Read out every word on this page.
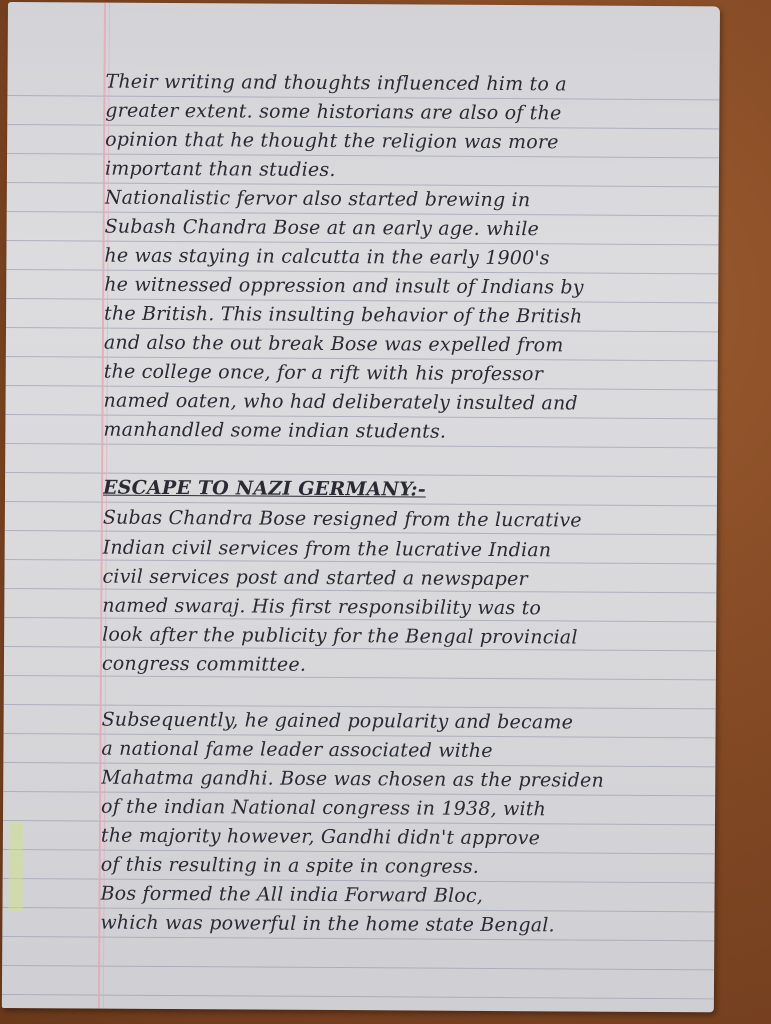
Their writing and thoughts influenced him to a
greater extent. some historians are also of the
opinion that he thought the religion was more
important than studies.
Nationalistic fervor also started brewing in
Subash Chandra Bose at an early age. while
he was staying in calcutta in the early 1900's
he witnessed oppression and insult of Indians by
the British. This insulting behavior of the British
and also the out break Bose was expelled from
the college once, for a rift with his professor
named oaten, who had deliberately insulted and
manhandled some indian students.
ESCAPE TO NAZI GERMANY:-
Subas Chandra Bose resigned from the lucrative
Indian civil services from the lucrative Indian
civil services post and started a newspaper
named swaraj. His first responsibility was to
look after the publicity for the Bengal provincial
congress committee.
Subsequently, he gained popularity and became
a national fame leader associated withe
Mahatma gandhi. Bose was chosen as the presiden
of the indian National congress in 1938, with
the majority however, Gandhi didn't approve
of this resulting in a spite in congress.
Bos formed the All india Forward Bloc,
which was powerful in the home state Bengal.
